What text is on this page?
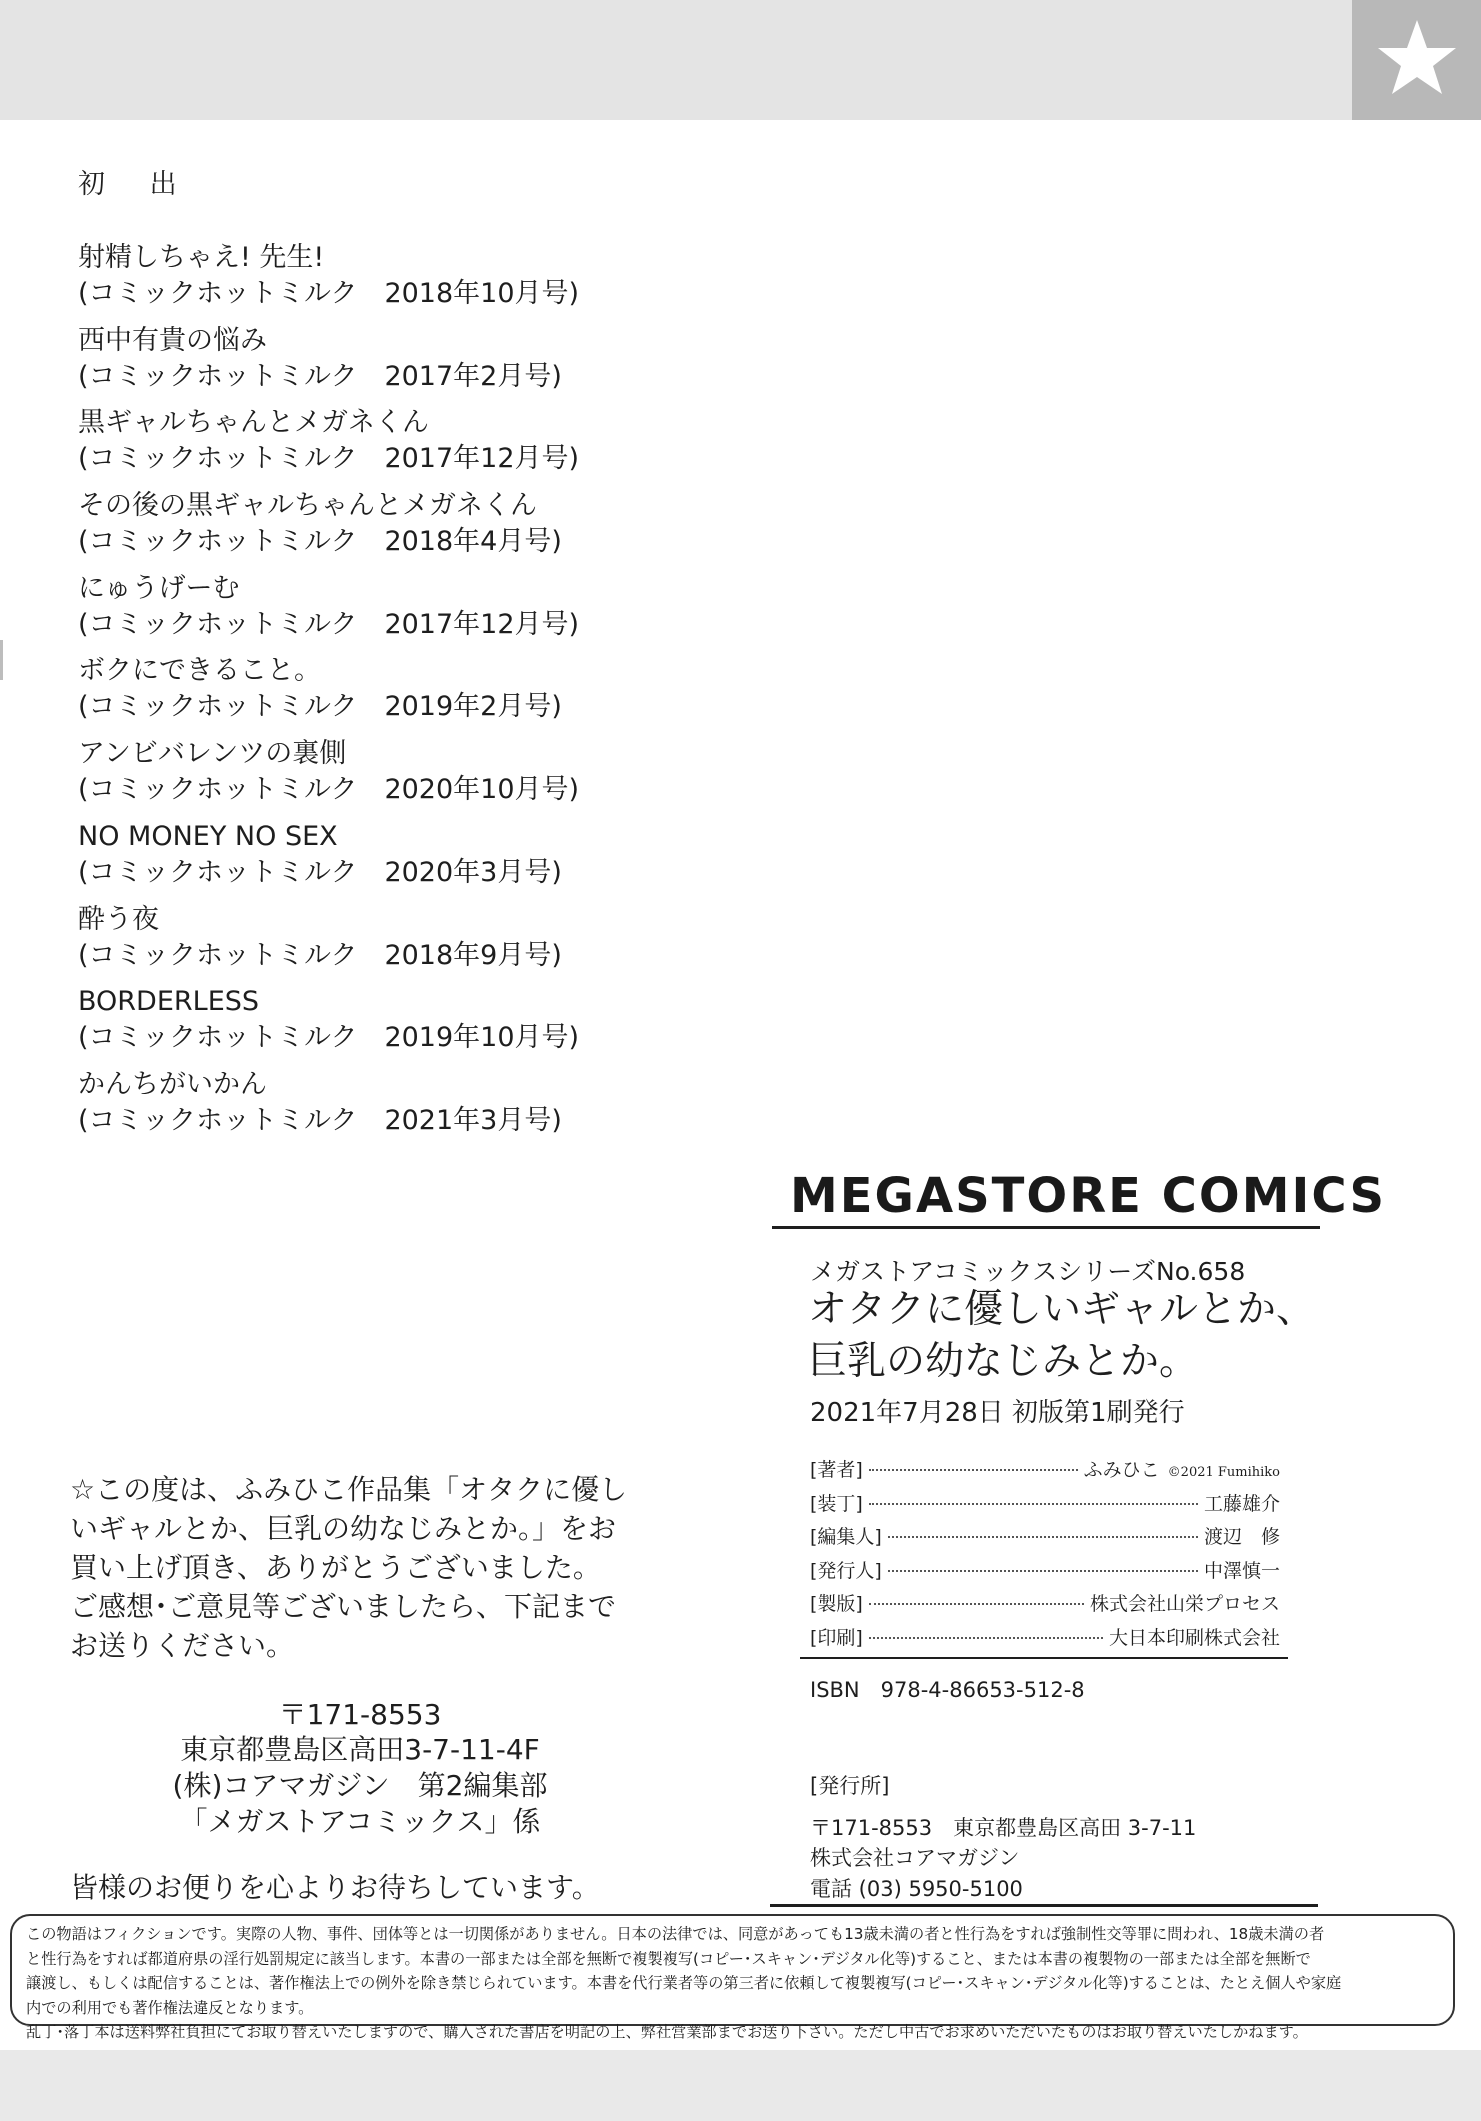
初 出
射精しちゃえ! 先生!
(コミックホットミルク　2018年10月号)
西中有貴の悩み
(コミックホットミルク　2017年2月号)
黒ギャルちゃんとメガネくん
(コミックホットミルク　2017年12月号)
その後の黒ギャルちゃんとメガネくん
(コミックホットミルク　2018年4月号)
にゅうげーむ
(コミックホットミルク　2017年12月号)
ボクにできること。
(コミックホットミルク　2019年2月号)
アンビバレンツの裏側
(コミックホットミルク　2020年10月号)
NO MONEY NO SEX
(コミックホットミルク　2020年3月号)
酔う夜
(コミックホットミルク　2018年9月号)
BORDERLESS
(コミックホットミルク　2019年10月号)
かんちがいかん
(コミックホットミルク　2021年3月号)
MEGASTORE COMICS
メガストアコミックスシリーズNo.658
オタクに優しいギャルとか、
巨乳の幼なじみとか。
2021年7月28日 初版第1刷発行
[著者]	ふみひこ ©2021 Fumihiko
[装丁]	工藤雄介
[編集人]	渡辺　修
[発行人]	中澤慎一
[製版]	株式会社山栄プロセス
[印刷]	大日本印刷株式会社
ISBN　978-4-86653-512-8
[発行所]
〒171-8553　東京都豊島区高田 3-7-11
株式会社コアマガジン
電話 (03) 5950-5100
☆この度は、ふみひこ作品集「オタクに優し
いギャルとか、巨乳の幼なじみとか。」をお
買い上げ頂き、ありがとうございました。
ご感想･ご意見等ございましたら、下記まで
お送りください。
〒171-8553
東京都豊島区高田3-7-11-4F
(株)コアマガジン　第2編集部
「メガストアコミックス」係
皆様のお便りを心よりお待ちしています。

この物語はフィクションです。実際の人物、事件、団体等とは一切関係がありません。日本の法律では、同意があっても13歳未満の者と性行為をすれば強制性交等罪に問われ、18歳未満の者

と性行為をすれば都道府県の淫行処罰規定に該当します。本書の一部または全部を無断で複製複写(コピー･スキャン･デジタル化等)すること、または本書の複製物の一部または全部を無断で

譲渡し、もしくは配信することは、著作権法上での例外を除き禁じられています。本書を代行業者等の第三者に依頼して複製複写(コピー･スキャン･デジタル化等)することは、たとえ個人や家庭

内での利用でも著作権法違反となります。

乱丁･落丁本は送料弊社負担にてお取り替えいたしますので、購入された書店を明記の上、弊社営業部までお送り下さい。ただし中古でお求めいただいたものはお取り替えいたしかねます。
